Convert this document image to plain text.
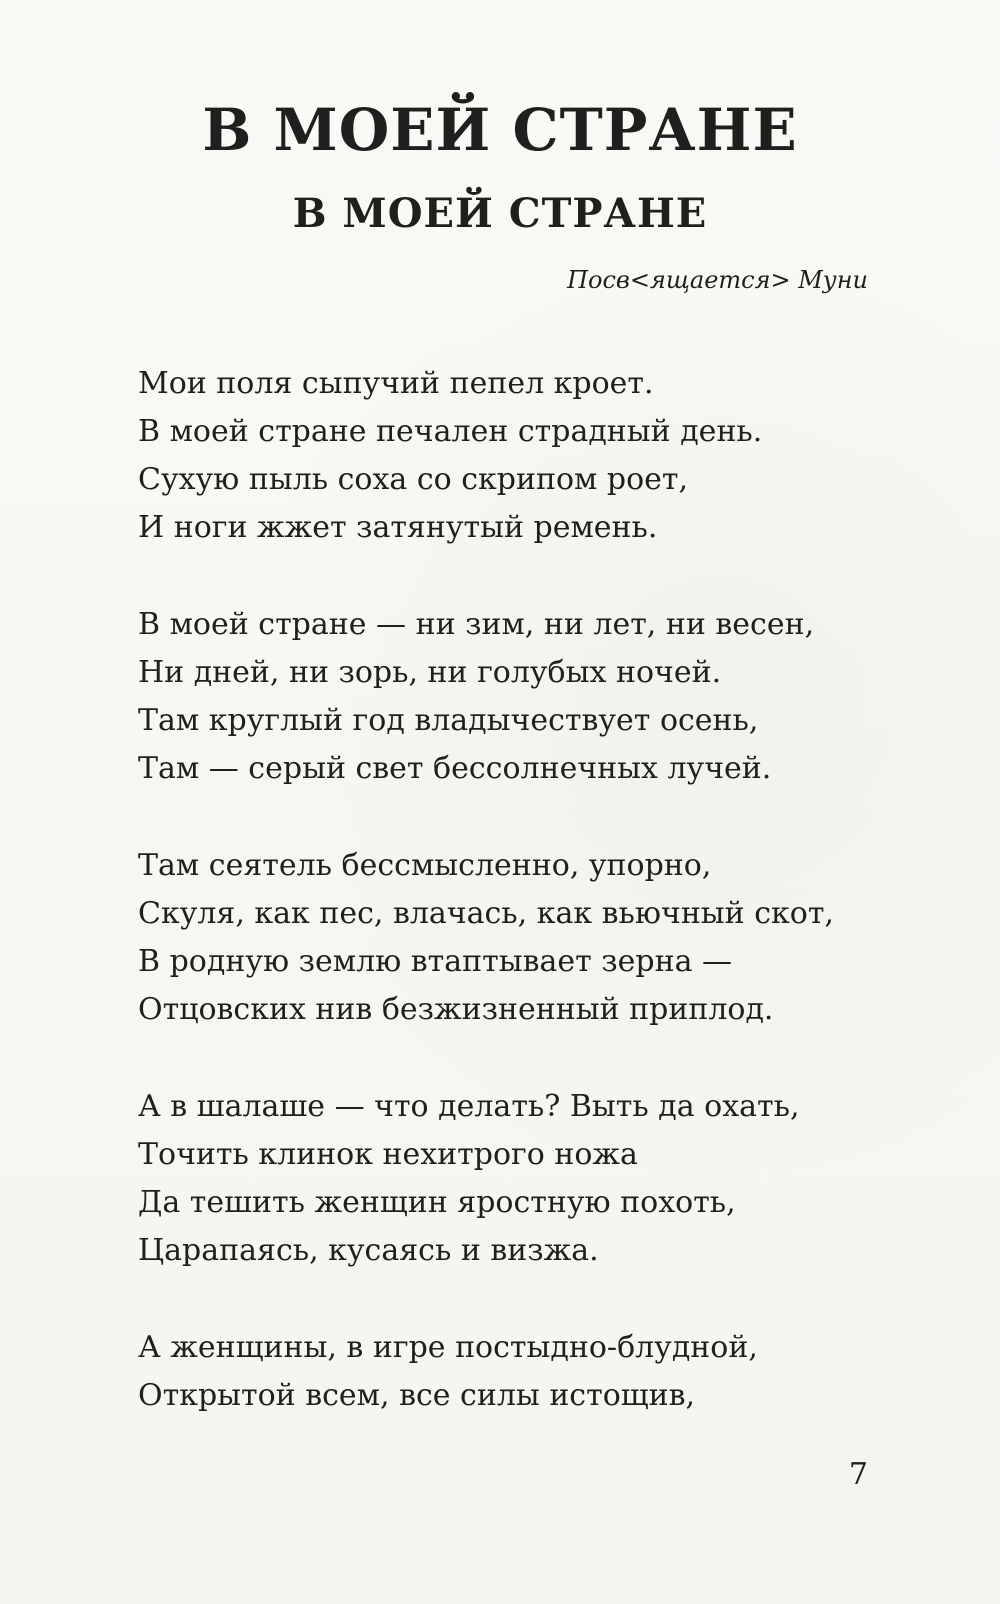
В МОЕЙ СТРАНЕ
В МОЕЙ СТРАНЕ

Посв<ящается> Муни

Мои поля сыпучий пепел кроет.
В моей стране печален страдный день.
Сухую пыль соха со скрипом роет,
И ноги жжет затянутый ремень.
В моей стране — ни зим, ни лет, ни весен,
Ни дней, ни зорь, ни голубых ночей.
Там круглый год владычествует осень,
Там — серый свет бессолнечных лучей.
Там сеятель бессмысленно, упорно,
Скуля, как пес, влачась, как вьючный скот,
В родную землю втаптывает зерна —
Отцовских нив безжизненный приплод.
А в шалаше — что делать? Выть да охать,
Точить клинок нехитрого ножа
Да тешить женщин яростную похоть,
Царапаясь, кусаясь и визжа.
А женщины, в игре постыдно-блудной,
Открытой всем, все силы истощив,

7
